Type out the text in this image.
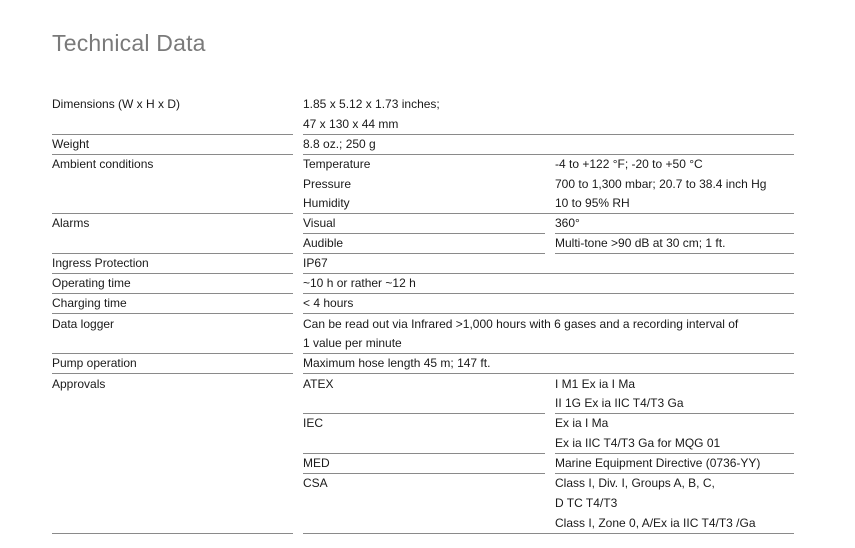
Technical Data
Dimensions (W x H x D)	1.85 x 5.12 x 1.73 inches;
47 x 130 x 44 mm
Weight	8.8 oz.; 250 g
Ambient conditions	Temperature	-4 to +122 °F; -20 to +50 °C
Pressure	700 to 1,300 mbar; 20.7 to 38.4 inch Hg
Humidity	10 to 95% RH
Alarms	Visual	360°
Audible	Multi-tone >90 dB at 30 cm; 1 ft.
Ingress Protection	IP67
Operating time	~10 h or rather ~12 h
Charging time	< 4 hours
Data logger	Can be read out via Infrared >1,000 hours with 6 gases and a recording interval of
1 value per minute
Pump operation	Maximum hose length 45 m; 147 ft.
Approvals	ATEX	I M1 Ex ia I Ma
II 1G Ex ia IIC T4/T3 Ga
IEC	Ex ia I Ma
Ex ia IIC T4/T3 Ga for MQG 01
MED	Marine Equipment Directive (0736-YY)
CSA	Class I, Div. I, Groups A, B, C,
D TC T4/T3
Class I, Zone 0, A/Ex ia IIC T4/T3 /Ga
